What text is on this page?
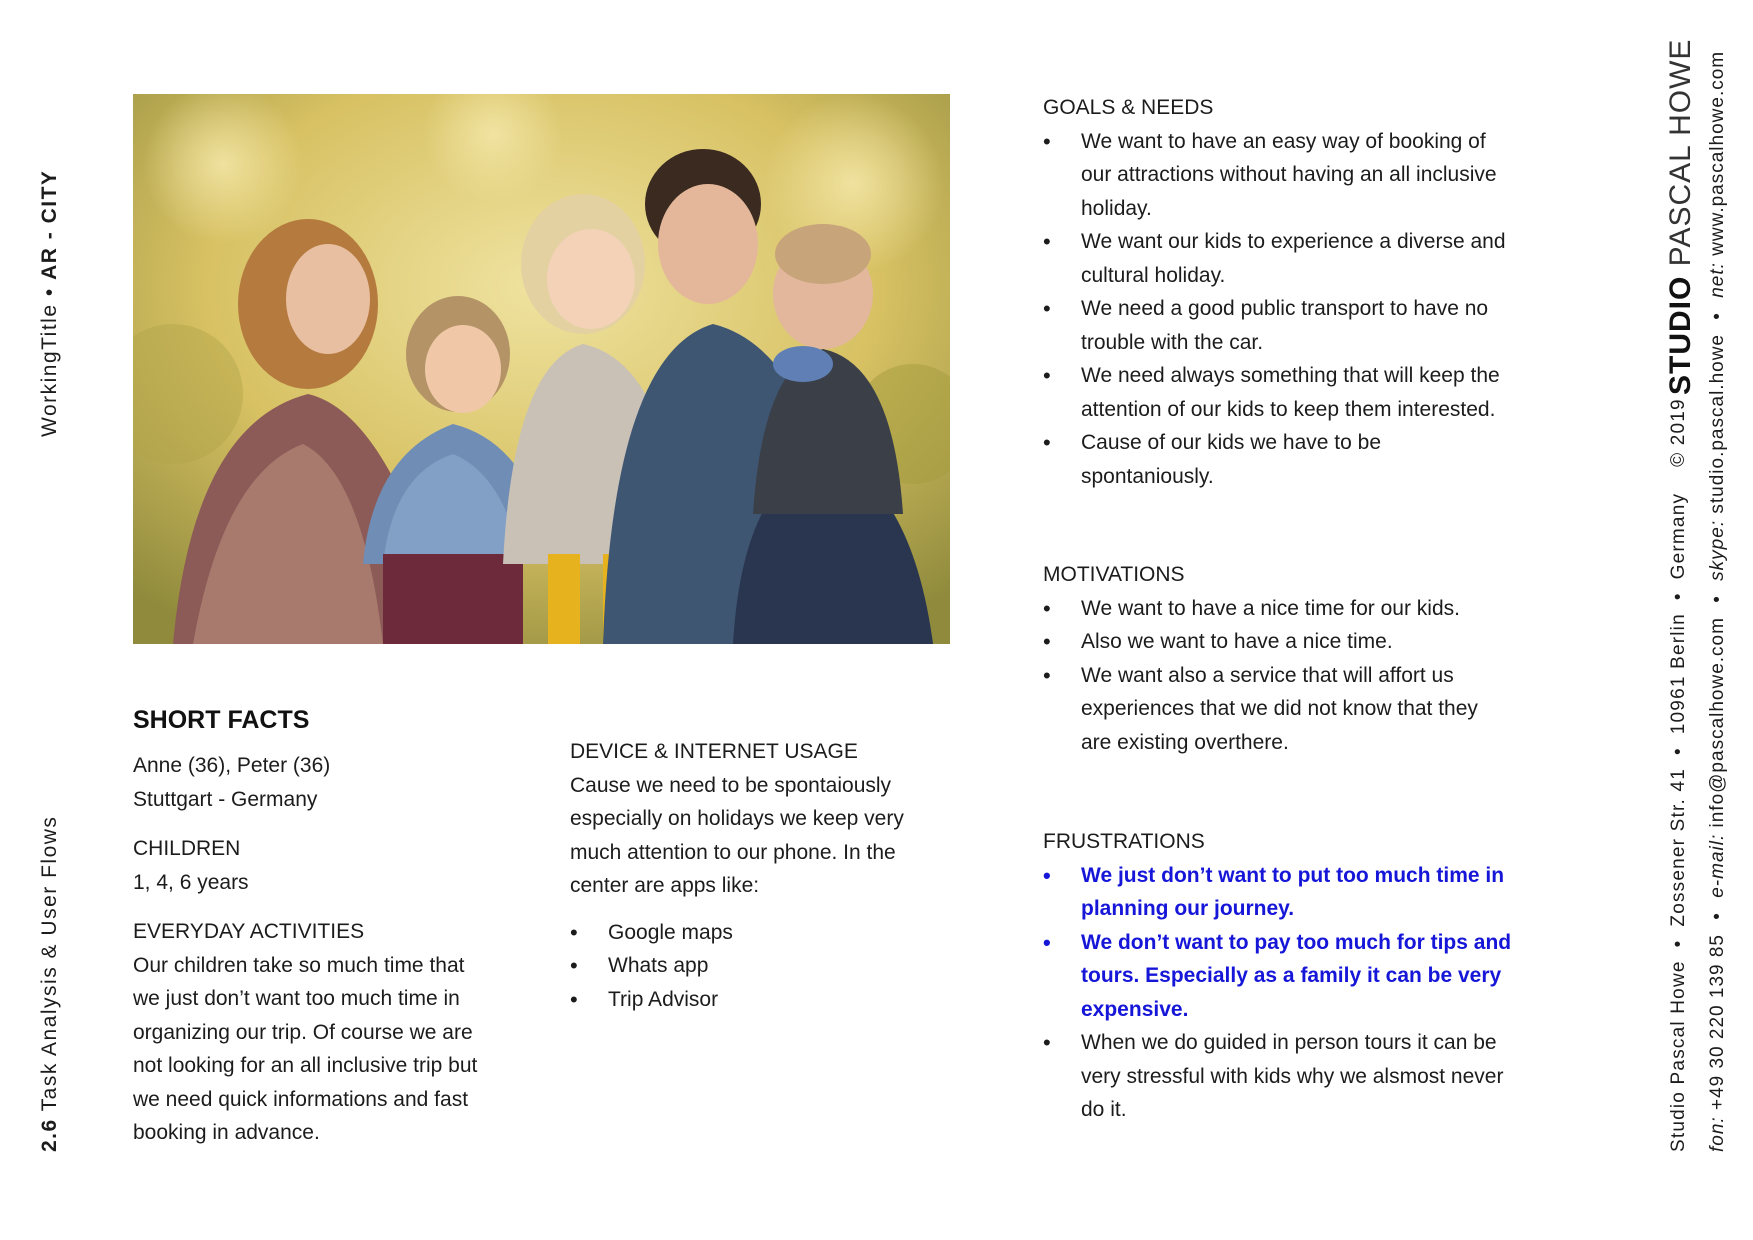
WorkingTitle • AR - CITY
2.6 Task Analysis & User Flows
STUDIO PASCAL HOWE
Studio Pascal Howe  •  Zossener Str. 41  •  10961 Berlin  •  Germany    © 2019 fon: +49 30 220 139 85 • e-mail: info@pascalhowe.com • skype: studio.pascal.howe • net: www.pascalhowe.com
SHORT FACTS
Anne (36), Peter (36)
Stuttgart - Germany
CHILDREN
1, 4, 6 years
EVERYDAY ACTIVITIES
Our children take so much time that
we just don’t want too much time in
organizing our trip. Of course we are
not looking for an all inclusive trip but
we need quick informations and fast
booking in advance.
DEVICE & INTERNET USAGE
Cause we need to be spontaiously
especially on holidays we keep very
much attention to our phone. In the
center are apps like:
• Google maps
• Whats app
• Trip Advisor
GOALS & NEEDS
• We want to have an easy way of booking of
our attractions without having an all inclusive
holiday.
• We want our kids to experience a diverse and
cultural holiday.
• We need a good public transport to have no
trouble with the car.
• We need always something that will keep the
attention of our kids to keep them interested.
• Cause of our kids we have to be
spontaniously.
MOTIVATIONS
• We want to have a nice time for our kids.
• Also we want to have a nice time.
• We want also a service that will affort us
experiences that we did not know that they
are existing overthere.
FRUSTRATIONS
• We just don’t want to put too much time in
planning our journey.
• We don’t want to pay too much for tips and
tours. Especially as a family it can be very
expensive.
• When we do guided in person tours it can be
very stressful with kids why we alsmost never
do it.
